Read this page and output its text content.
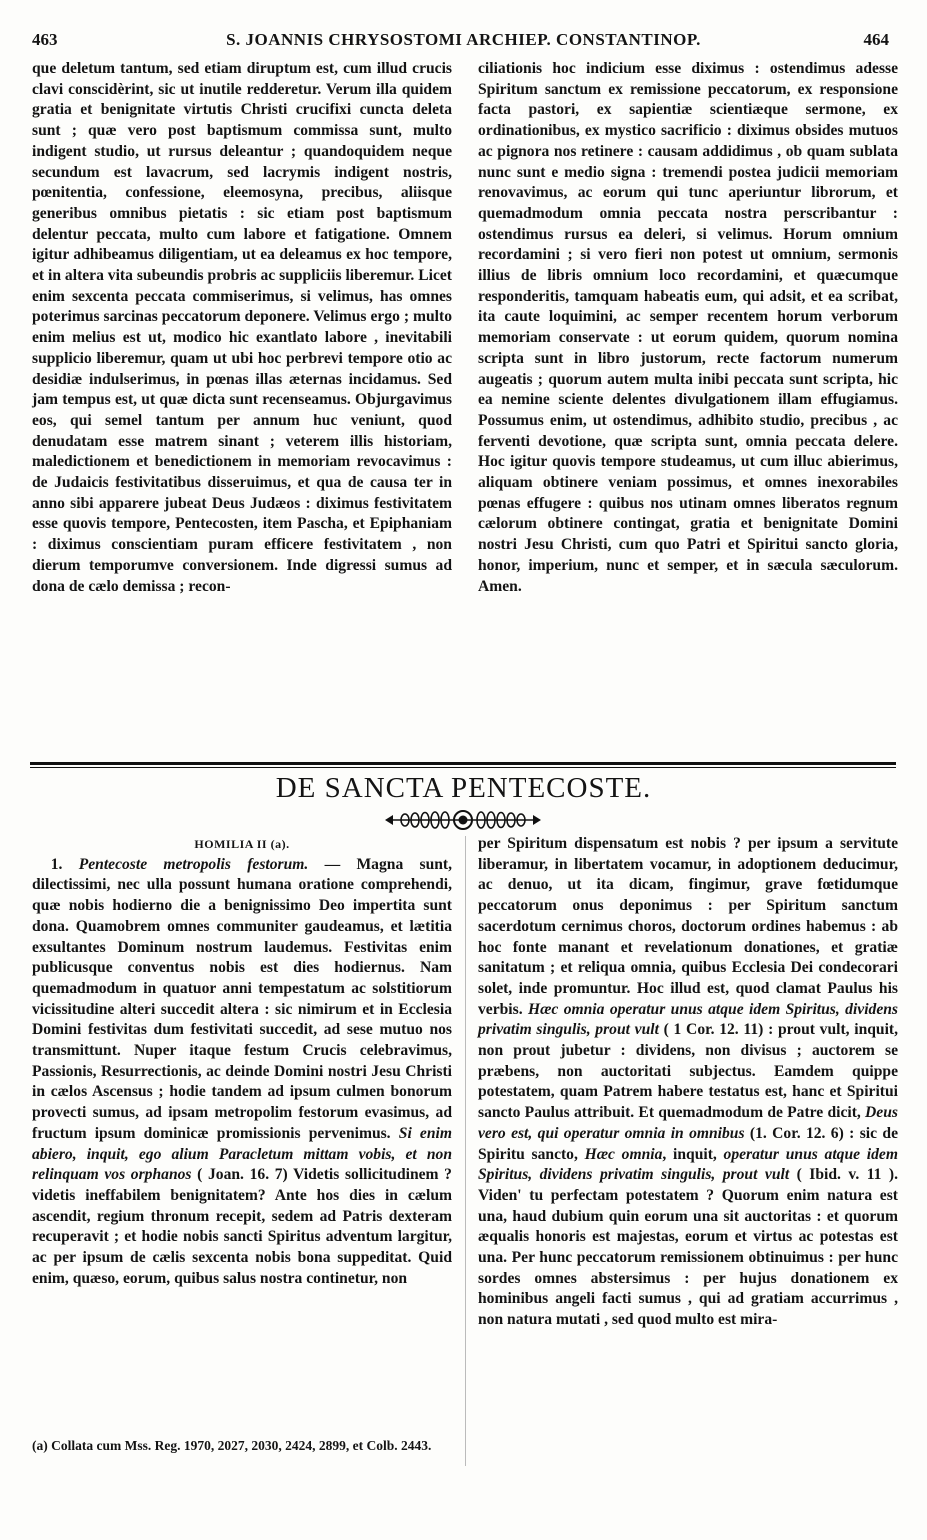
463	S. JOANNIS CHRYSOSTOMI ARCHIEP. CONSTANTINOP.	464

que deletum tantum, sed etiam diruptum est, cum illud crucis clavi conscidèrint, sic ut inutile redderetur. Verum illa quidem gratia et benignitate virtutis Christi crucifixi cuncta deleta sunt ; quæ vero post baptismum commissa sunt, multo indigent studio, ut rursus deleantur ; quandoquidem neque secundum est lavacrum, sed lacrymis indigent nostris, pœnitentia, confessione, eleemosyna, precibus, aliisque generibus omnibus pietatis : sic etiam post baptismum delentur peccata, multo cum labore et fatigatione. Omnem igitur adhibeamus diligentiam, ut ea deleamus ex hoc tempore, et in altera vita subeundis probris ac suppliciis liberemur. Licet enim sexcenta peccata commiserimus, si velimus, has omnes poterimus sarcinas peccatorum deponere. Velimus ergo ; multo enim melius est ut, modico hic exantlato labore , inevitabili supplicio liberemur, quam ut ubi hoc perbrevi tempore otio ac desidiæ indulserimus, in pœnas illas æternas incidamus. Sed jam tempus est, ut quæ dicta sunt recenseamus. Objurgavimus eos, qui semel tantum per annum huc veniunt, quod denudatam esse matrem sinant ; veterem illis historiam, maledictionem et benedictionem in memoriam revocavimus : de Judaicis festivitatibus disseruimus, et qua de causa ter in anno sibi apparere jubeat Deus Judæos : diximus festivitatem esse quovis tempore, Pentecosten, item Pascha, et Epiphaniam : diximus conscientiam puram efficere festivitatem , non dierum temporumve conversionem. Inde digressi sumus ad dona de cælo demissa ; recon-

ciliationis hoc indicium esse diximus : ostendimus adesse Spiritum sanctum ex remissione peccatorum, ex responsione facta pastori, ex sapientiæ scientiæque sermone, ex ordinationibus, ex mystico sacrificio : diximus obsides mutuos ac pignora nos retinere : causam addidimus , ob quam sublata nunc sunt e medio signa : tremendi postea judicii memoriam renovavimus, ac eorum qui tunc aperiuntur librorum, et quemadmodum omnia peccata nostra perscribantur : ostendimus rursus ea deleri, si velimus. Horum omnium recordamini ; si vero fieri non potest ut omnium, sermonis illius de libris omnium loco recordamini, et quæcumque responderitis, tamquam habeatis eum, qui adsit, et ea scribat, ita caute loquimini, ac semper recentem horum verborum memoriam conservate : ut eorum quidem, quorum nomina scripta sunt in libro justorum, recte factorum numerum augeatis ; quorum autem multa inibi peccata sunt scripta, hic ea nemine sciente delentes divulgationem illam effugiamus. Possumus enim, ut ostendimus, adhibito studio, precibus , ac ferventi devotione, quæ scripta sunt, omnia peccata delere. Hoc igitur quovis tempore studeamus, ut cum illuc abierimus, aliquam obtinere veniam possimus, et omnes inexorabiles pœnas effugere : quibus nos utinam omnes liberatos regnum cælorum obtinere contingat, gratia et benignitate Domini nostri Jesu Christi, cum quo Patri et Spiritui sancto gloria, honor, imperium, nunc et semper, et in sæcula sæculorum. Amen.

DE SANCTA PENTECOSTE.

HOMILIA II (a).

1. Pentecoste metropolis festorum. — Magna sunt, dilectissimi, nec ulla possunt humana oratione comprehendi, quæ nobis hodierno die a benignissimo Deo impertita sunt dona. Quamobrem omnes communiter gaudeamus, et lætitia exsultantes Dominum nostrum laudemus. Festivitas enim publicusque conventus nobis est dies hodiernus. Nam quemadmodum in quatuor anni tempestatum ac solstitiorum vicissitudine alteri succedit altera : sic nimirum et in Ecclesia Domini festivitas dum festivitati succedit, ad sese mutuo nos transmittunt. Nuper itaque festum Crucis celebravimus, Passionis, Resurrectionis, ac deinde Domini nostri Jesu Christi in cælos Ascensus ; hodie tandem ad ipsum culmen bonorum provecti sumus, ad ipsam metropolim festorum evasimus, ad fructum ipsum dominicæ promissionis pervenimus. Si enim abiero, inquit, ego alium Paracletum mittam vobis, et non relinquam vos orphanos ( Joan. 16. 7) Videtis sollicitudinem ? videtis ineffabilem benignitatem? Ante hos dies in cælum ascendit, regium thronum recepit, sedem ad Patris dexteram recuperavit ; et hodie nobis sancti Spiritus adventum largitur, ac per ipsum de cælis sexcenta nobis bona suppeditat. Quid enim, quæso, eorum, quibus salus nostra continetur, non

per Spiritum dispensatum est nobis ? per ipsum a servitute liberamur, in libertatem vocamur, in adoptionem deducimur, ac denuo, ut ita dicam, fingimur, grave fœtidumque peccatorum onus deponimus : per Spiritum sanctum sacerdotum cernimus choros, doctorum ordines habemus : ab hoc fonte manant et revelationum donationes, et gratiæ sanitatum ; et reliqua omnia, quibus Ecclesia Dei condecorari solet, inde promuntur. Hoc illud est, quod clamat Paulus his verbis. Hæc omnia operatur unus atque idem Spiritus, dividens privatim singulis, prout vult ( 1 Cor. 12. 11) : prout vult, inquit, non prout jubetur : dividens, non divisus ; auctorem se præbens, non auctoritati subjectus. Eamdem quippe potestatem, quam Patrem habere testatus est, hanc et Spiritui sancto Paulus attribuit. Et quemadmodum de Patre dicit, Deus vero est, qui operatur omnia in omnibus (1. Cor. 12. 6) : sic de Spiritu sancto, Hæc omnia, inquit, operatur unus atque idem Spiritus, dividens privatim singulis, prout vult ( Ibid. v. 11 ). Viden' tu perfectam potestatem ? Quorum enim natura est una, haud dubium quin eorum una sit auctoritas : et quorum æqualis honoris est majestas, eorum et virtus ac potestas est una. Per hunc peccatorum remissionem obtinuimus : per hunc sordes omnes abstersimus : per hujus donationem ex hominibus angeli facti sumus , qui ad gratiam accurrimus , non natura mutati , sed quod multo est mira-

(a) Collata cum Mss. Reg. 1970, 2027, 2030, 2424, 2899, et Colb. 2443.
